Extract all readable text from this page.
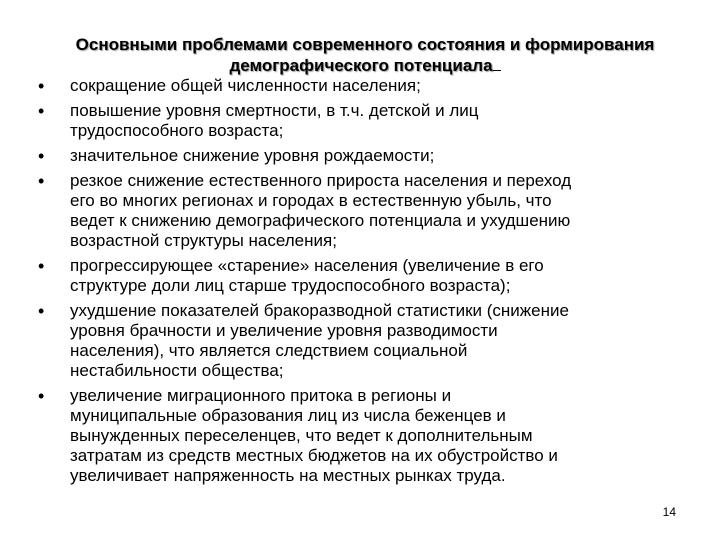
Основными проблемами современного состояния и формирования демографического потенциала
• сокращение общей численности населения;
• повышение уровня смертности, в т.ч. детской и лиц
трудоспособного возраста;
• значительное снижение уровня рождаемости;
• резкое снижение естественного прироста населения и переход
его во многих регионах и городах в естественную убыль, что
ведет к снижению демографического потенциала и ухудшению
возрастной структуры населения;
• прогрессирующее «старение» населения (увеличение в его
структуре доли лиц старше трудоспособного возраста);
• ухудшение показателей бракоразводной статистики (снижение
уровня брачности и увеличение уровня разводимости
населения), что является следствием социальной
нестабильности общества;
• увеличение миграционного притока в регионы и
муниципальные образования лиц из числа беженцев и
вынужденных переселенцев, что ведет к дополнительным
затратам из средств местных бюджетов на их обустройство и
увеличивает напряженность на местных рынках труда.
14
